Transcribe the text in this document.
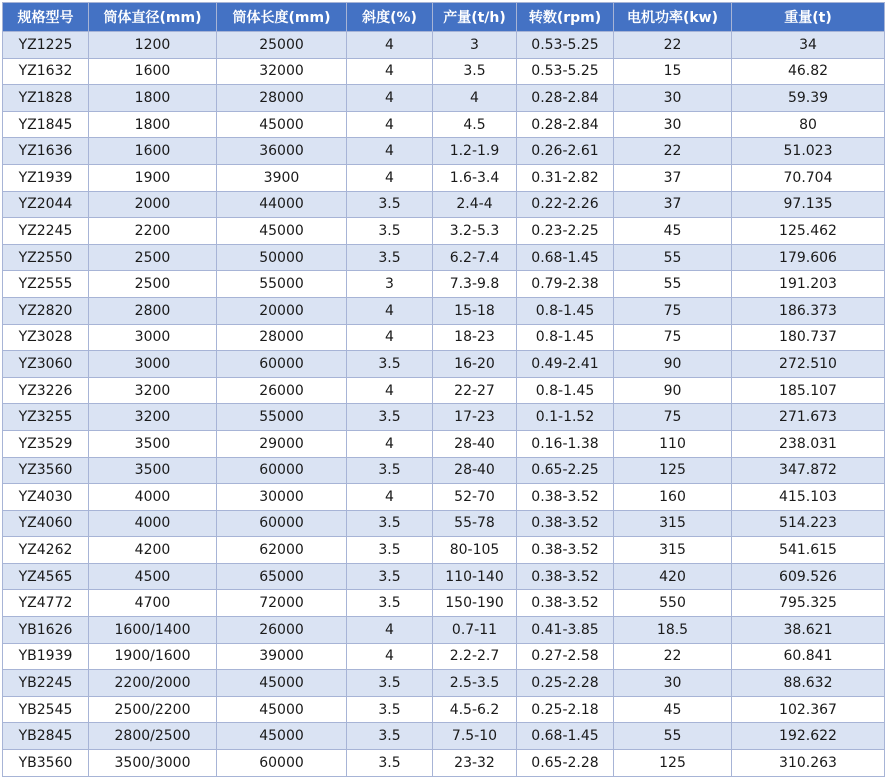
规格型号	筒体直径(mm)	筒体长度(mm)	斜度(%)	产量(t/h)	转数(rpm)	电机功率(kw)	重量(t)
YZ1225	1200	25000	4	3	0.53-5.25	22	34
YZ1632	1600	32000	4	3.5	0.53-5.25	15	46.82
YZ1828	1800	28000	4	4	0.28-2.84	30	59.39
YZ1845	1800	45000	4	4.5	0.28-2.84	30	80
YZ1636	1600	36000	4	1.2-1.9	0.26-2.61	22	51.023
YZ1939	1900	3900	4	1.6-3.4	0.31-2.82	37	70.704
YZ2044	2000	44000	3.5	2.4-4	0.22-2.26	37	97.135
YZ2245	2200	45000	3.5	3.2-5.3	0.23-2.25	45	125.462
YZ2550	2500	50000	3.5	6.2-7.4	0.68-1.45	55	179.606
YZ2555	2500	55000	3	7.3-9.8	0.79-2.38	55	191.203
YZ2820	2800	20000	4	15-18	0.8-1.45	75	186.373
YZ3028	3000	28000	4	18-23	0.8-1.45	75	180.737
YZ3060	3000	60000	3.5	16-20	0.49-2.41	90	272.510
YZ3226	3200	26000	4	22-27	0.8-1.45	90	185.107
YZ3255	3200	55000	3.5	17-23	0.1-1.52	75	271.673
YZ3529	3500	29000	4	28-40	0.16-1.38	110	238.031
YZ3560	3500	60000	3.5	28-40	0.65-2.25	125	347.872
YZ4030	4000	30000	4	52-70	0.38-3.52	160	415.103
YZ4060	4000	60000	3.5	55-78	0.38-3.52	315	514.223
YZ4262	4200	62000	3.5	80-105	0.38-3.52	315	541.615
YZ4565	4500	65000	3.5	110-140	0.38-3.52	420	609.526
YZ4772	4700	72000	3.5	150-190	0.38-3.52	550	795.325
YB1626	1600/1400	26000	4	0.7-11	0.41-3.85	18.5	38.621
YB1939	1900/1600	39000	4	2.2-2.7	0.27-2.58	22	60.841
YB2245	2200/2000	45000	3.5	2.5-3.5	0.25-2.28	30	88.632
YB2545	2500/2200	45000	3.5	4.5-6.2	0.25-2.18	45	102.367
YB2845	2800/2500	45000	3.5	7.5-10	0.68-1.45	55	192.622
YB3560	3500/3000	60000	3.5	23-32	0.65-2.28	125	310.263
